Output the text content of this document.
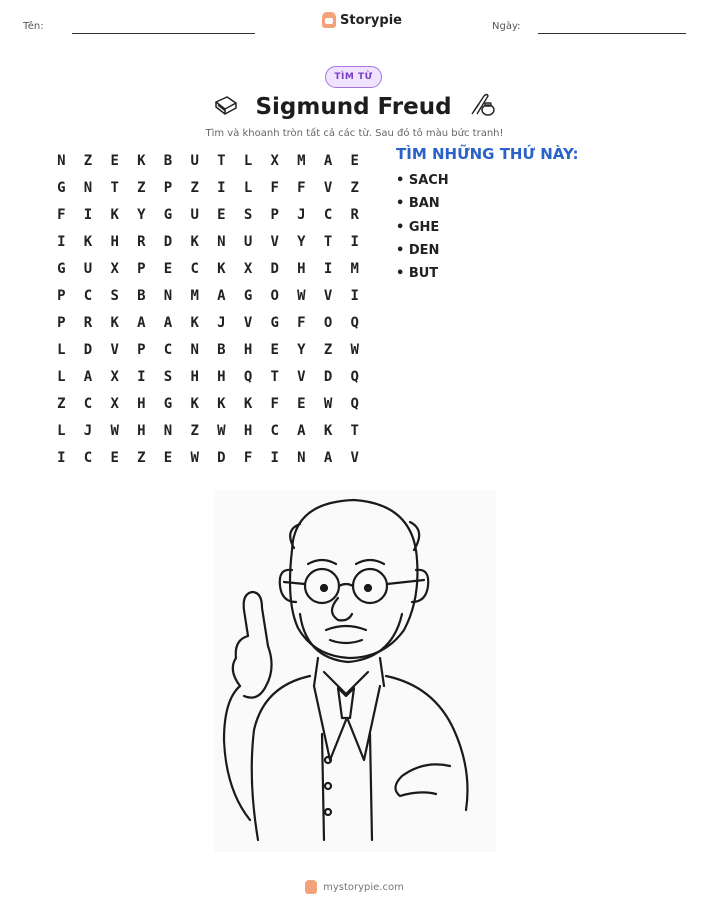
Tên:	Storypie	Ngày:
TÌM TỪ
Sigmund Freud
Tìm và khoanh tròn tất cả các từ. Sau đó tô màu bức tranh!
N	Z	E	K	B	U	T	L	X	M	A	E
G	N	T	Z	P	Z	I	L	F	F	V	Z
F	I	K	Y	G	U	E	S	P	J	C	R
I	K	H	R	D	K	N	U	V	Y	T	I
G	U	X	P	E	C	K	X	D	H	I	M
P	C	S	B	N	M	A	G	O	W	V	I
P	R	K	A	A	K	J	V	G	F	O	Q
L	D	V	P	C	N	B	H	E	Y	Z	W
L	A	X	I	S	H	H	Q	T	V	D	Q
Z	C	X	H	G	K	K	K	F	E	W	Q
L	J	W	H	N	Z	W	H	C	A	K	T
I	C	E	Z	E	W	D	F	I	N	A	V
TÌM NHỮNG THỨ NÀY:
• SACH
• BAN
• GHE
• DEN
• BUT
mystorypie.com
